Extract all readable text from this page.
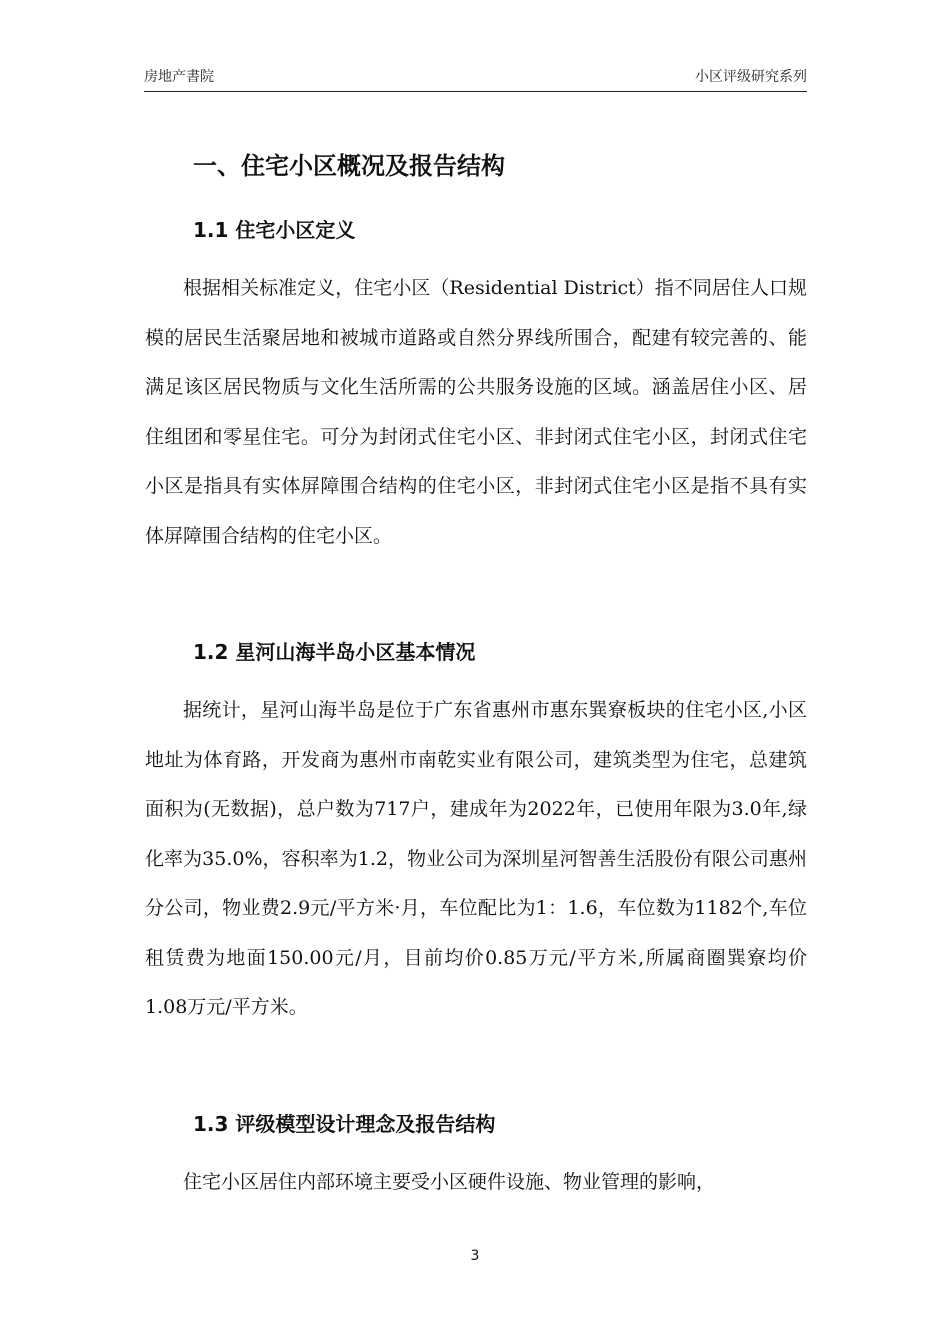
房地产書院	小区评级研究系列
一、住宅小区概况及报告结构
1.1 住宅小区定义

根据相关标准定义，住宅小区（Residential District）指不同居住人口规模的居民生活聚居地和被城市道路或自然分界线所围合，配建有较完善的、能满足该区居民物质与文化生活所需的公共服务设施的区域。涵盖居住小区、居住组团和零星住宅。可分为封闭式住宅小区、非封闭式住宅小区，封闭式住宅小区是指具有实体屏障围合结构的住宅小区，非封闭式住宅小区是指不具有实体屏障围合结构的住宅小区。

1.2 星河山海半岛小区基本情况

据统计，星河山海半岛是位于广东省惠州市惠东巽寮板块的住宅小区,小区地址为体育路，开发商为惠州市南乾实业有限公司，建筑类型为住宅，总建筑面积为(无数据)，总户数为717户，建成年为2022年，已使用年限为3.0年,绿化率为35.0%，容积率为1.2，物业公司为深圳星河智善生活股份有限公司惠州分公司，物业费2.9元/平方米·月，车位配比为1：1.6，车位数为1182个,车位租赁费为地面150.00元/月，目前均价0.85万元/平方米,所属商圈巽寮均价1.08万元/平方米。

1.3 评级模型设计理念及报告结构

住宅小区居住内部环境主要受小区硬件设施、物业管理的影响，

3
